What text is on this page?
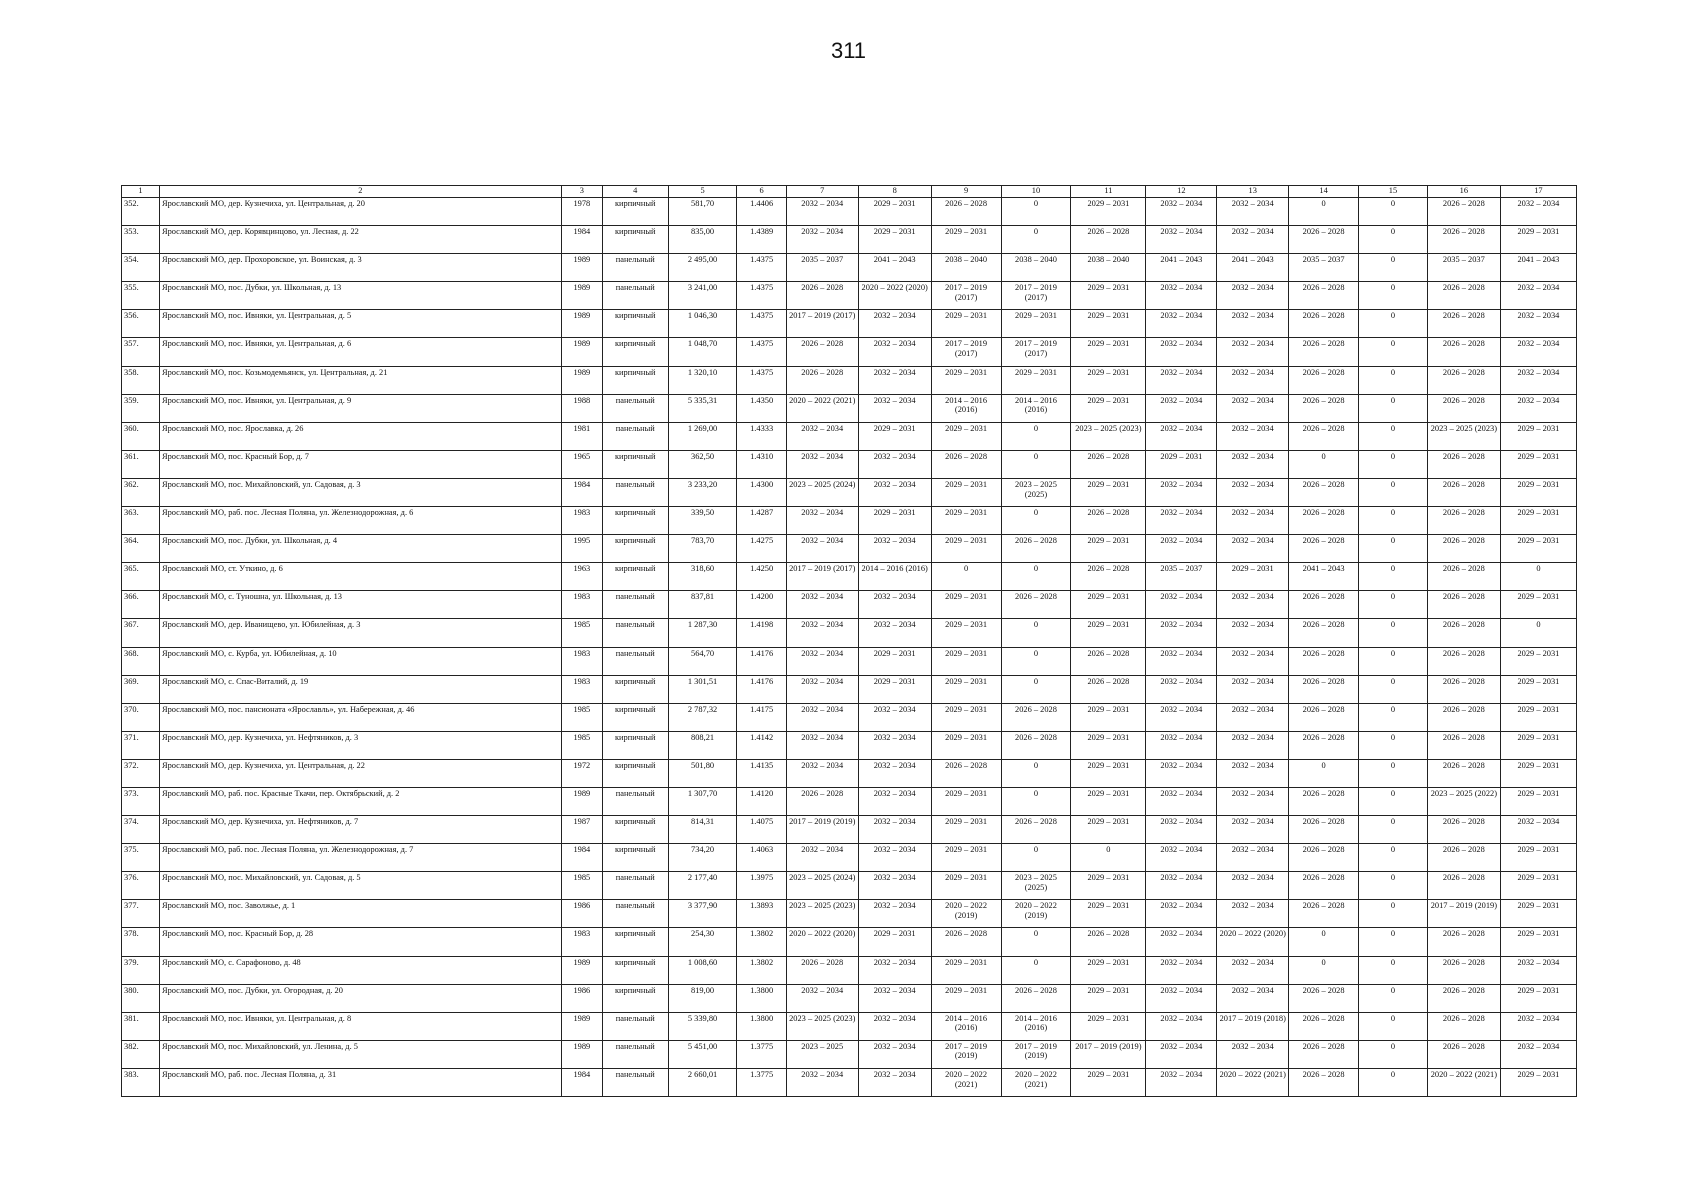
311
1	2	3	4	5	6	7	8	9	10	11	12	13	14	15	16	17
352.	Ярославский МО, дер. Кузнечиха, ул. Центральная, д. 20	1978	кирпичный	581,70	1.4406	2032 – 2034	2029 – 2031	2026 – 2028	0	2029 – 2031	2032 – 2034	2032 – 2034	0	0	2026 – 2028	2032 – 2034
353.	Ярославский МО, дер. Корявцинцово, ул. Лесная, д. 22	1984	кирпичный	835,00	1.4389	2032 – 2034	2029 – 2031	2029 – 2031	0	2026 – 2028	2032 – 2034	2032 – 2034	2026 – 2028	0	2026 – 2028	2029 – 2031
354.	Ярославский МО, дер. Прохоровское, ул. Воинская, д. 3	1989	панельный	2 495,00	1.4375	2035 – 2037	2041 – 2043	2038 – 2040	2038 – 2040	2038 – 2040	2041 – 2043	2041 – 2043	2035 – 2037	0	2035 – 2037	2041 – 2043
355.	Ярославский МО, пос. Дубки, ул. Школьная, д. 13	1989	панельный	3 241,00	1.4375	2026 – 2028	2020 – 2022 (2020)	2017 – 2019 (2017)	2017 – 2019 (2017)	2029 – 2031	2032 – 2034	2032 – 2034	2026 – 2028	0	2026 – 2028	2032 – 2034
356.	Ярославский МО, пос. Ивняки, ул. Центральная, д. 5	1989	кирпичный	1 046,30	1.4375	2017 – 2019 (2017)	2032 – 2034	2029 – 2031	2029 – 2031	2029 – 2031	2032 – 2034	2032 – 2034	2026 – 2028	0	2026 – 2028	2032 – 2034
357.	Ярославский МО, пос. Ивняки, ул. Центральная, д. 6	1989	кирпичный	1 048,70	1.4375	2026 – 2028	2032 – 2034	2017 – 2019 (2017)	2017 – 2019 (2017)	2029 – 2031	2032 – 2034	2032 – 2034	2026 – 2028	0	2026 – 2028	2032 – 2034
358.	Ярославский МО, пос. Козьмодемьянск, ул. Центральная, д. 21	1989	кирпичный	1 320,10	1.4375	2026 – 2028	2032 – 2034	2029 – 2031	2029 – 2031	2029 – 2031	2032 – 2034	2032 – 2034	2026 – 2028	0	2026 – 2028	2032 – 2034
359.	Ярославский МО, пос. Ивняки, ул. Центральная, д. 9	1988	панельный	5 335,31	1.4350	2020 – 2022 (2021)	2032 – 2034	2014 – 2016 (2016)	2014 – 2016 (2016)	2029 – 2031	2032 – 2034	2032 – 2034	2026 – 2028	0	2026 – 2028	2032 – 2034
360.	Ярославский МО, пос. Ярославка, д. 26	1981	панельный	1 269,00	1.4333	2032 – 2034	2029 – 2031	2029 – 2031	0	2023 – 2025 (2023)	2032 – 2034	2032 – 2034	2026 – 2028	0	2023 – 2025 (2023)	2029 – 2031
361.	Ярославский МО, пос. Красный Бор, д. 7	1965	кирпичный	362,50	1.4310	2032 – 2034	2032 – 2034	2026 – 2028	0	2026 – 2028	2029 – 2031	2032 – 2034	0	0	2026 – 2028	2029 – 2031
362.	Ярославский МО, пос. Михайловский, ул. Садовая, д. 3	1984	панельный	3 233,20	1.4300	2023 – 2025 (2024)	2032 – 2034	2029 – 2031	2023 – 2025 (2025)	2029 – 2031	2032 – 2034	2032 – 2034	2026 – 2028	0	2026 – 2028	2029 – 2031
363.	Ярославский МО, раб. пос. Лесная Поляна, ул. Железнодорожная, д. 6	1983	кирпичный	339,50	1.4287	2032 – 2034	2029 – 2031	2029 – 2031	0	2026 – 2028	2032 – 2034	2032 – 2034	2026 – 2028	0	2026 – 2028	2029 – 2031
364.	Ярославский МО, пос. Дубки, ул. Школьная, д. 4	1995	кирпичный	783,70	1.4275	2032 – 2034	2032 – 2034	2029 – 2031	2026 – 2028	2029 – 2031	2032 – 2034	2032 – 2034	2026 – 2028	0	2026 – 2028	2029 – 2031
365.	Ярославский МО, ст. Уткино, д. 6	1963	кирпичный	318,60	1.4250	2017 – 2019 (2017)	2014 – 2016 (2016)	0	0	2026 – 2028	2035 – 2037	2029 – 2031	2041 – 2043	0	2026 – 2028	0
366.	Ярославский МО, с. Туношна, ул. Школьная, д. 13	1983	панельный	837,81	1.4200	2032 – 2034	2032 – 2034	2029 – 2031	2026 – 2028	2029 – 2031	2032 – 2034	2032 – 2034	2026 – 2028	0	2026 – 2028	2029 – 2031
367.	Ярославский МО, дер. Иванищево, ул. Юбилейная, д. 3	1985	панельный	1 287,30	1.4198	2032 – 2034	2032 – 2034	2029 – 2031	0	2029 – 2031	2032 – 2034	2032 – 2034	2026 – 2028	0	2026 – 2028	0
368.	Ярославский МО, с. Курба, ул. Юбилейная, д. 10	1983	панельный	564,70	1.4176	2032 – 2034	2029 – 2031	2029 – 2031	0	2026 – 2028	2032 – 2034	2032 – 2034	2026 – 2028	0	2026 – 2028	2029 – 2031
369.	Ярославский МО, с. Спас-Виталий, д. 19	1983	кирпичный	1 301,51	1.4176	2032 – 2034	2029 – 2031	2029 – 2031	0	2026 – 2028	2032 – 2034	2032 – 2034	2026 – 2028	0	2026 – 2028	2029 – 2031
370.	Ярославский МО, пос. пансионата «Ярославль», ул. Набережная, д. 46	1985	кирпичный	2 787,32	1.4175	2032 – 2034	2032 – 2034	2029 – 2031	2026 – 2028	2029 – 2031	2032 – 2034	2032 – 2034	2026 – 2028	0	2026 – 2028	2029 – 2031
371.	Ярославский МО, дер. Кузнечиха, ул. Нефтяников, д. 3	1985	кирпичный	808,21	1.4142	2032 – 2034	2032 – 2034	2029 – 2031	2026 – 2028	2029 – 2031	2032 – 2034	2032 – 2034	2026 – 2028	0	2026 – 2028	2029 – 2031
372.	Ярославский МО, дер. Кузнечиха, ул. Центральная, д. 22	1972	кирпичный	501,80	1.4135	2032 – 2034	2032 – 2034	2026 – 2028	0	2029 – 2031	2032 – 2034	2032 – 2034	0	0	2026 – 2028	2029 – 2031
373.	Ярославский МО, раб. пос. Красные Ткачи, пер. Октябрьский, д. 2	1989	панельный	1 307,70	1.4120	2026 – 2028	2032 – 2034	2029 – 2031	0	2029 – 2031	2032 – 2034	2032 – 2034	2026 – 2028	0	2023 – 2025 (2022)	2029 – 2031
374.	Ярославский МО, дер. Кузнечиха, ул. Нефтяников, д. 7	1987	кирпичный	814,31	1.4075	2017 – 2019 (2019)	2032 – 2034	2029 – 2031	2026 – 2028	2029 – 2031	2032 – 2034	2032 – 2034	2026 – 2028	0	2026 – 2028	2032 – 2034
375.	Ярославский МО, раб. пос. Лесная Поляна, ул. Железнодорожная, д. 7	1984	кирпичный	734,20	1.4063	2032 – 2034	2032 – 2034	2029 – 2031	0	0	2032 – 2034	2032 – 2034	2026 – 2028	0	2026 – 2028	2029 – 2031
376.	Ярославский МО, пос. Михайловский, ул. Садовая, д. 5	1985	панельный	2 177,40	1.3975	2023 – 2025 (2024)	2032 – 2034	2029 – 2031	2023 – 2025 (2025)	2029 – 2031	2032 – 2034	2032 – 2034	2026 – 2028	0	2026 – 2028	2029 – 2031
377.	Ярославский МО, пос. Заволжье, д. 1	1986	панельный	3 377,90	1.3893	2023 – 2025 (2023)	2032 – 2034	2020 – 2022 (2019)	2020 – 2022 (2019)	2029 – 2031	2032 – 2034	2032 – 2034	2026 – 2028	0	2017 – 2019 (2019)	2029 – 2031
378.	Ярославский МО, пос. Красный Бор, д. 28	1983	кирпичный	254,30	1.3802	2020 – 2022 (2020)	2029 – 2031	2026 – 2028	0	2026 – 2028	2032 – 2034	2020 – 2022 (2020)	0	0	2026 – 2028	2029 – 2031
379.	Ярославский МО, с. Сарафоново, д. 48	1989	кирпичный	1 008,60	1.3802	2026 – 2028	2032 – 2034	2029 – 2031	0	2029 – 2031	2032 – 2034	2032 – 2034	0	0	2026 – 2028	2032 – 2034
380.	Ярославский МО, пос. Дубки, ул. Огородная, д. 20	1986	кирпичный	819,00	1.3800	2032 – 2034	2032 – 2034	2029 – 2031	2026 – 2028	2029 – 2031	2032 – 2034	2032 – 2034	2026 – 2028	0	2026 – 2028	2029 – 2031
381.	Ярославский МО, пос. Ивняки, ул. Центральная, д. 8	1989	панельный	5 339,80	1.3800	2023 – 2025 (2023)	2032 – 2034	2014 – 2016 (2016)	2014 – 2016 (2016)	2029 – 2031	2032 – 2034	2017 – 2019 (2018)	2026 – 2028	0	2026 – 2028	2032 – 2034
382.	Ярославский МО, пос. Михайловский, ул. Ленина, д. 5	1989	панельный	5 451,00	1.3775	2023 – 2025	2032 – 2034	2017 – 2019 (2019)	2017 – 2019 (2019)	2017 – 2019 (2019)	2032 – 2034	2032 – 2034	2026 – 2028	0	2026 – 2028	2032 – 2034
383.	Ярославский МО, раб. пос. Лесная Поляна, д. 31	1984	панельный	2 660,01	1.3775	2032 – 2034	2032 – 2034	2020 – 2022 (2021)	2020 – 2022 (2021)	2029 – 2031	2032 – 2034	2020 – 2022 (2021)	2026 – 2028	0	2020 – 2022 (2021)	2029 – 2031
